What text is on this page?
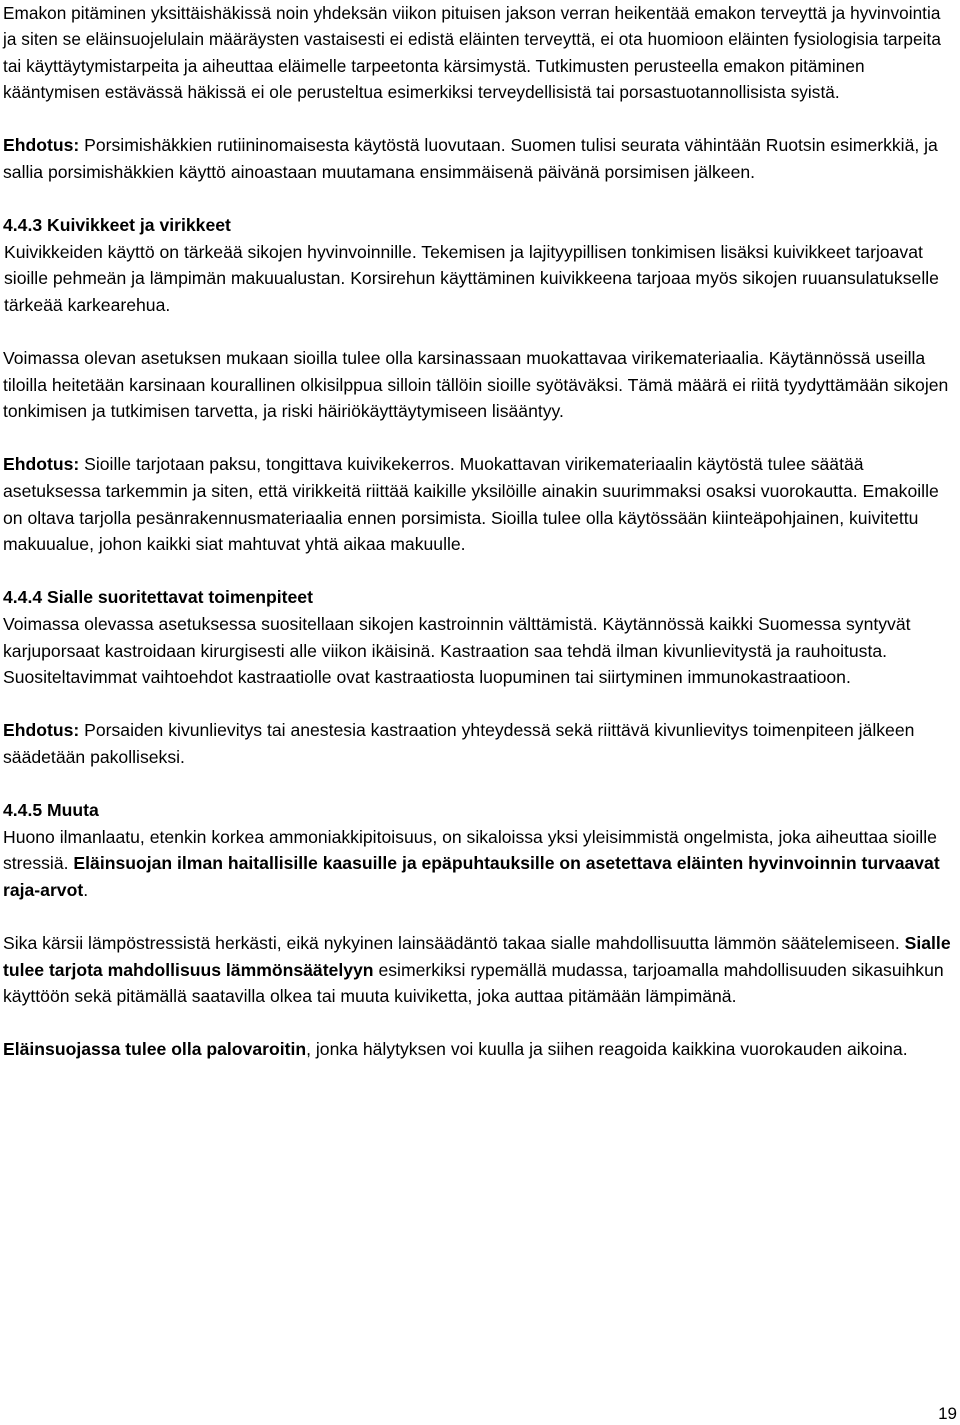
Emakon pitäminen yksittäishäkissä noin yhdeksän viikon pituisen jakson verran heikentää emakon terveyttä ja hyvinvointia ja siten se eläinsuojelulain määräysten vastaisesti ei edistä eläinten terveyttä, ei ota huomioon eläinten fysiologisia tarpeita tai käyttäytymistarpeita ja aiheuttaa eläimelle tarpeetonta kärsimystä. Tutkimusten perusteella emakon pitäminen kääntymisen estävässä häkissä ei ole perusteltua esimerkiksi terveydellisistä tai porsastuotannollisista syistä.

Ehdotus: Porsimishäkkien rutiininomaisesta käytöstä luovutaan. Suomen tulisi seurata vähintään Ruotsin esimerkkiä, ja sallia porsimishäkkien käyttö ainoastaan muutamana ensimmäisenä päivänä porsimisen jälkeen.

4.4.3 Kuivikkeet ja virikkeet

Kuivikkeiden käyttö on tärkeää sikojen hyvinvoinnille. Tekemisen ja lajityypillisen tonkimisen lisäksi kuivikkeet tarjoavat sioille pehmeän ja lämpimän makuualustan. Korsirehun käyttäminen kuivikkeena tarjoaa myös sikojen ruuansulatukselle tärkeää karkearehua.

Voimassa olevan asetuksen mukaan sioilla tulee olla karsinassaan muokattavaa virikemateriaalia. Käytännössä useilla tiloilla heitetään karsinaan kourallinen olkisilppua silloin tällöin sioille syötäväksi. Tämä määrä ei riitä tyydyttämään sikojen tonkimisen ja tutkimisen tarvetta, ja riski häiriökäyttäytymiseen lisääntyy.

Ehdotus: Sioille tarjotaan paksu, tongittava kuivikekerros. Muokattavan virikemateriaalin käytöstä tulee säätää asetuksessa tarkemmin ja siten, että virikkeitä riittää kaikille yksilöille ainakin suurimmaksi osaksi vuorokautta. Emakoille on oltava tarjolla pesänrakennusmateriaalia ennen porsimista. Sioilla tulee olla käytössään kiinteäpohjainen, kuivitettu makuualue, johon kaikki siat mahtuvat yhtä aikaa makuulle.

4.4.4 Sialle suoritettavat toimenpiteet

Voimassa olevassa asetuksessa suositellaan sikojen kastroinnin välttämistä. Käytännössä kaikki Suomessa syntyvät karjuporsaat kastroidaan kirurgisesti alle viikon ikäisinä. Kastraation saa tehdä ilman kivunlievitystä ja rauhoitusta. Suositeltavimmat vaihtoehdot kastraatiolle ovat kastraatiosta luopuminen tai siirtyminen immunokastraatioon.

Ehdotus: Porsaiden kivunlievitys tai anestesia kastraation yhteydessä sekä riittävä kivunlievitys toimenpiteen jälkeen säädetään pakolliseksi.

4.4.5 Muuta

Huono ilmanlaatu, etenkin korkea ammoniakkipitoisuus, on sikaloissa yksi yleisimmistä ongelmista, joka aiheuttaa sioille stressiä. Eläinsuojan ilman haitallisille kaasuille ja epäpuhtauksille on asetettava eläinten hyvinvoinnin turvaavat raja-arvot.

Sika kärsii lämpöstressistä herkästi, eikä nykyinen lainsäädäntö takaa sialle mahdollisuutta lämmön säätelemiseen. Sialle tulee tarjota mahdollisuus lämmönsäätelyyn esimerkiksi rypemällä mudassa, tarjoamalla mahdollisuuden sikasuihkun käyttöön sekä pitämällä saatavilla olkea tai muuta kuiviketta, joka auttaa pitämään lämpimänä.

Eläinsuojassa tulee olla palovaroitin, jonka hälytyksen voi kuulla ja siihen reagoida kaikkina vuorokauden aikoina.

19
